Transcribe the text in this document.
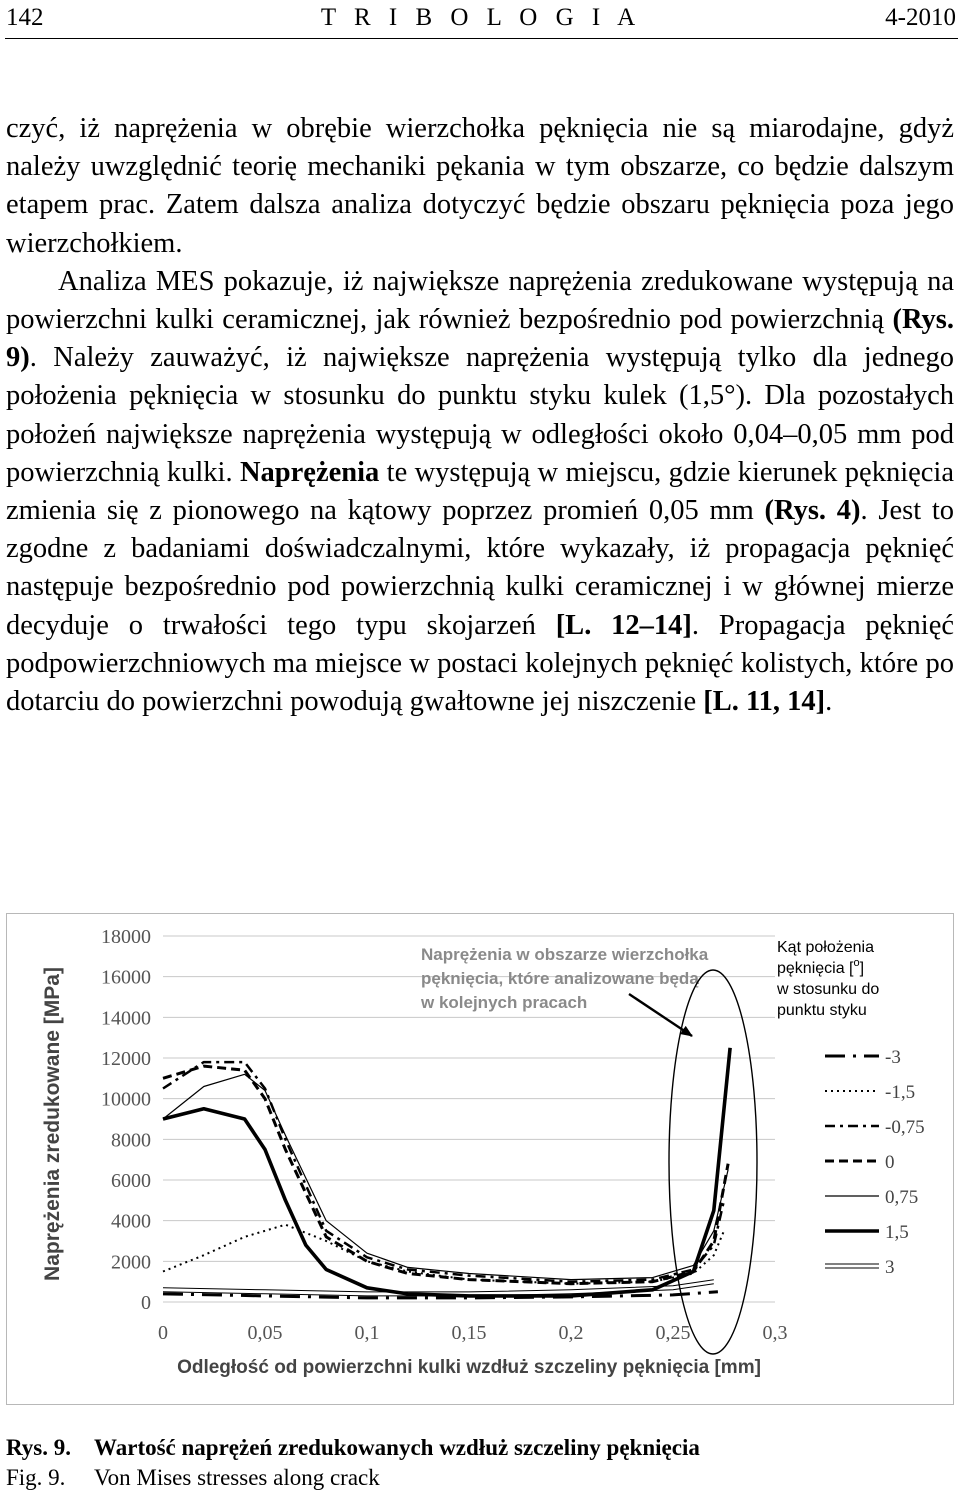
142	T R I B O L O G I A	4-2010

czyć, iż naprężenia w obrębie wierzchołka pęknięcia nie są miarodajne, gdyż należy uwzględnić teorię mechaniki pękania w tym obszarze, co będzie dalszym etapem prac. Zatem dalsza analiza dotyczyć będzie obszaru pęknięcia poza jego wierzchołkiem.

Analiza MES pokazuje, iż największe naprężenia zredukowane występują na powierzchni kulki ceramicznej, jak również bezpośrednio pod powierzchnią (Rys. 9). Należy zauważyć, iż największe naprężenia występują tylko dla jednego położenia pęknięcia w stosunku do punktu styku kulek (1,5°). Dla pozostałych położeń największe naprężenia występują w odległości około 0,04–0,05 mm pod powierzchnią kulki. Naprężenia te występują w miejscu, gdzie kierunek pęknięcia zmienia się z pionowego na kątowy poprzez promień 0,05 mm (Rys. 4). Jest to zgodne z badaniami doświadczalnymi, które wykazały, iż propagacja pęknięć następuje bezpośrednio pod powierzchnią kulki ceramicznej i w głównej mierze decyduje o trwałości tego typu skojarzeń [L. 12–14]. Propagacja pęknięć podpowierzchniowych ma miejsce w postaci kolejnych pęknięć kolistych, które po dotarciu do powierzchni powodują gwałtowne jej niszczenie [L. 11, 14].

0
2000
4000
6000
8000
10000
12000
14000
16000
18000
0	0,05	0,1	0,15	0,2	0,25	0,3
Odległość od powierzchni kulki wzdłuż szczeliny pęknięcia [mm]
Naprężenia zredukowane [MPa]
Kąt położenia
pęknięcia [$^o$]
w stosunku do
punktu styku
-3
-1,5
-0,75
0
0,75
1,5
3
Naprężenia w obszarze wierzchołka
pęknięcia, które analizowane będą
w kolejnych pracach
Rys. 9. Wartość naprężeń zredukowanych wzdłuż szczeliny pęknięcia
Fig. 9. Von Mises stresses along crack
